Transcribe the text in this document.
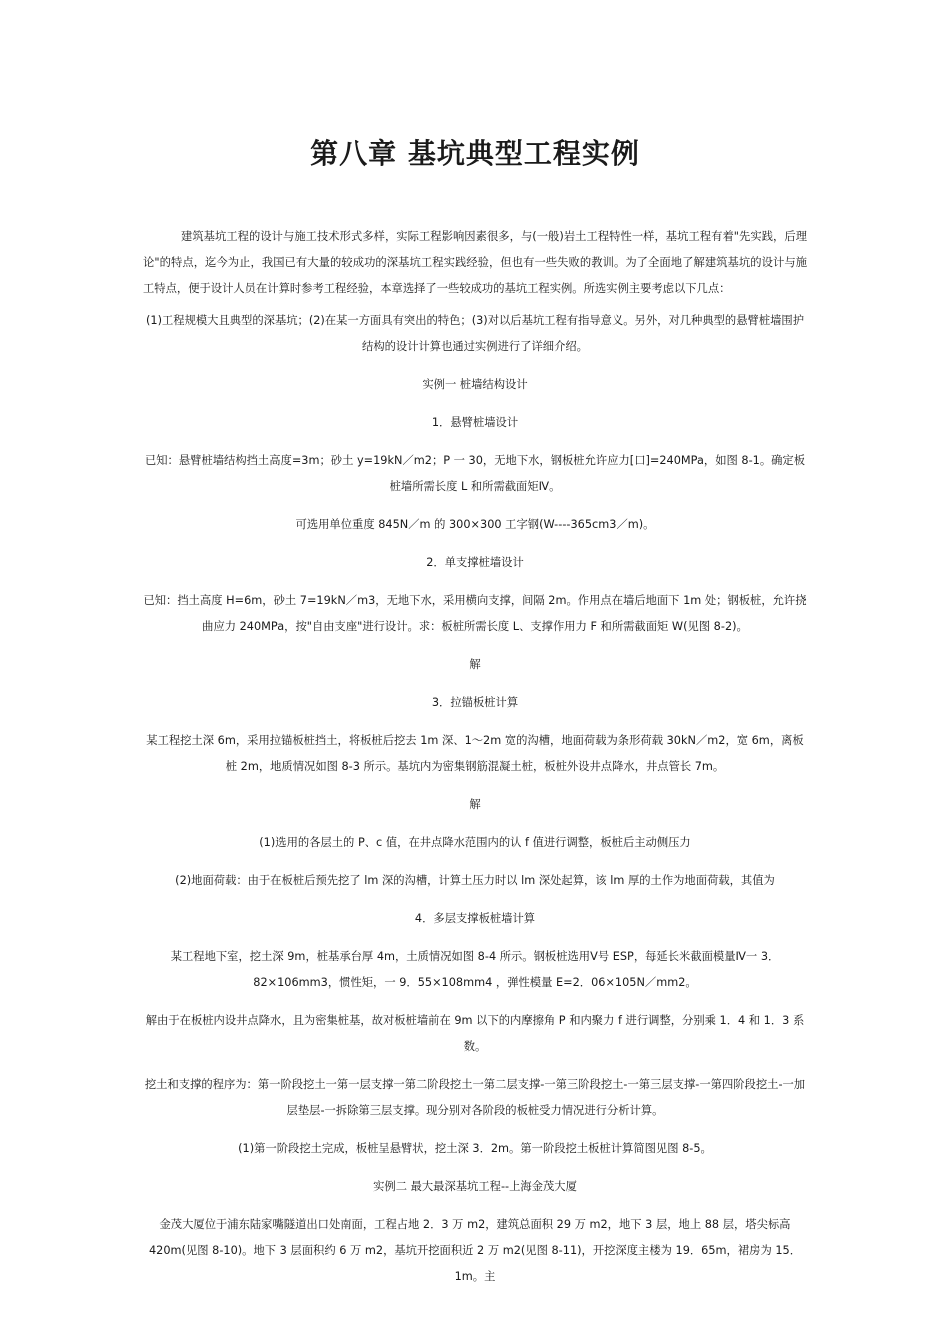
第八章 基坑典型工程实例

建筑基坑工程的设计与施工技术形式多样，实际工程影响因素很多，与(一般)岩土工程特性一样，基坑工程有着"先实践，后理论"的特点，迄今为止，我国已有大量的较成功的深基坑工程实践经验，但也有一些失败的教训。为了全面地了解建筑基坑的设计与施工特点，便于设计人员在计算时参考工程经验，本章选择了一些较成功的基坑工程实例。所选实例主要考虑以下几点：

(1)工程规模大且典型的深基坑；(2)在某一方面具有突出的特色；(3)对以后基坑工程有指导意义。另外，对几种典型的悬臂桩墙围护结构的设计计算也通过实例进行了详细介绍。

实例一 桩墙结构设计

1．悬臂桩墙设计

已知：悬臂桩墙结构挡土高度=3m；砂土 y=19kN／m2；P 一 30，无地下水，钢板桩允许应力[口]=240MPa，如图 8-1。确定板桩墙所需长度 L 和所需截面矩Ⅳ。

可选用单位重度 845N／m 的 300×300 工字钢(W----365cm3／m)。

2．单支撑桩墙设计

已知：挡土高度 H=6m，砂土 7=19kN／m3，无地下水，采用横向支撑，间隔 2m。作用点在墙后地面下 1m 处；钢板桩，允许挠曲应力 240MPa，按"自由支座"进行设计。求：板桩所需长度 L、支撑作用力 F 和所需截面矩 W(见图 8-2)。

解

3．拉锚板桩计算

某工程挖土深 6m，采用拉锚板桩挡土，将板桩后挖去 1m 深、1～2m 宽的沟槽，地面荷载为条形荷载 30kN／m2，宽 6m，离板桩 2m，地质情况如图 8-3 所示。基坑内为密集钢筋混凝土桩，板桩外设井点降水，井点管长 7m。

解

(1)选用的各层土的 P、c 值，在井点降水范围内的认 f 值进行调整，板桩后主动侧压力

(2)地面荷载：由于在板桩后预先挖了 lm 深的沟槽，计算土压力时以 lm 深处起算，该 lm 厚的土作为地面荷载，其值为

4．多层支撑板桩墙计算

某工程地下室，挖土深 9m，桩基承台厚 4m，土质情况如图 8-4 所示。钢板桩选用Ⅴ号 ESP，每延长米截面模量Ⅳ一 3．82×106mm3，惯性矩，一 9．55×108mm4 ，弹性模量 E=2．06×105N／mm2。

解由于在板桩内设井点降水，且为密集桩基，故对板桩墙前在 9m 以下的内摩擦角 P 和内聚力 f 进行调整，分别乘 1．4 和 1．3 系数。

挖土和支撑的程序为：第一阶段挖土一第一层支撑一第二阶段挖土一第二层支撑-一第三阶段挖土-一第三层支撑-一第四阶段挖土-一加层垫层-一拆除第三层支撑。现分别对各阶段的板桩受力情况进行分析计算。

(1)第一阶段挖土完成，板桩呈悬臂状，挖土深 3．2m。第一阶段挖土板桩计算简图见图 8-5。

实例二 最大最深基坑工程--上海金茂大厦

金茂大厦位于浦东陆家嘴隧道出口处南面，工程占地 2．3 万 m2，建筑总面积 29 万 m2，地下 3 层，地上 88 层，塔尖标高 420m(见图 8-10)。地下 3 层面积约 6 万 m2，基坑开挖面积近 2 万 m2(见图 8-11)，开挖深度主楼为 19．65m，裙房为 15．1m。主
